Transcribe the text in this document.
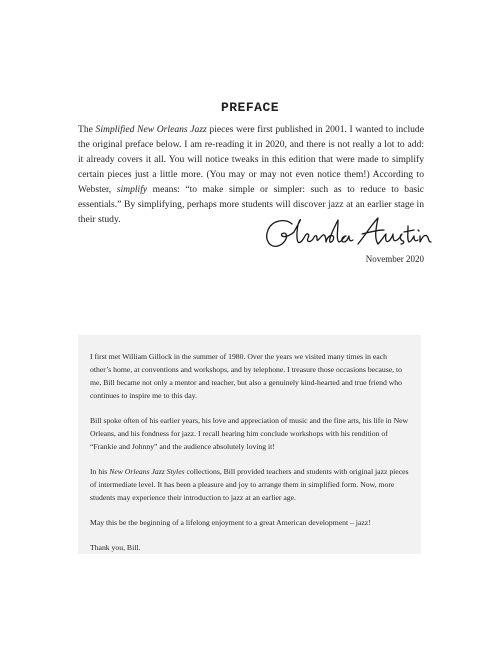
PREFACE

The Simplified New Orleans Jazz pieces were first published in 2001. I wanted to include the original preface below. I am re-reading it in 2020, and there is not really a lot to add: it already covers it all. You will notice tweaks in this edition that were made to simplify certain pieces just a little more. (You may or may not even notice them!) According to Webster, simplify means: “to make simple or simpler: such as to reduce to basic essentials.” By simplifying, perhaps more students will discover jazz at an earlier stage in their study.

November 2020

I first met William Gillock in the summer of 1980. Over the years we visited many times in each other’s home, at conventions and workshops, and by telephone. I treasure those occasions because, to me, Bill became not only a mentor and teacher, but also a genuinely kind-hearted and true friend who continues to inspire me to this day.

Bill spoke often of his earlier years, his love and appreciation of music and the fine arts, his life in New Orleans, and his fondness for jazz. I recall hearing him conclude workshops with his rendition of “Frankie and Johnny” and the audience absolutely loving it!

In his New Orleans Jazz Styles collections, Bill provided teachers and students with original jazz pieces of intermediate level. It has been a pleasure and joy to arrange them in simplified form. Now, more students may experience their introduction to jazz at an earlier age.

May this be the beginning of a lifelong enjoyment to a great American development – jazz!

Thank you, Bill.
